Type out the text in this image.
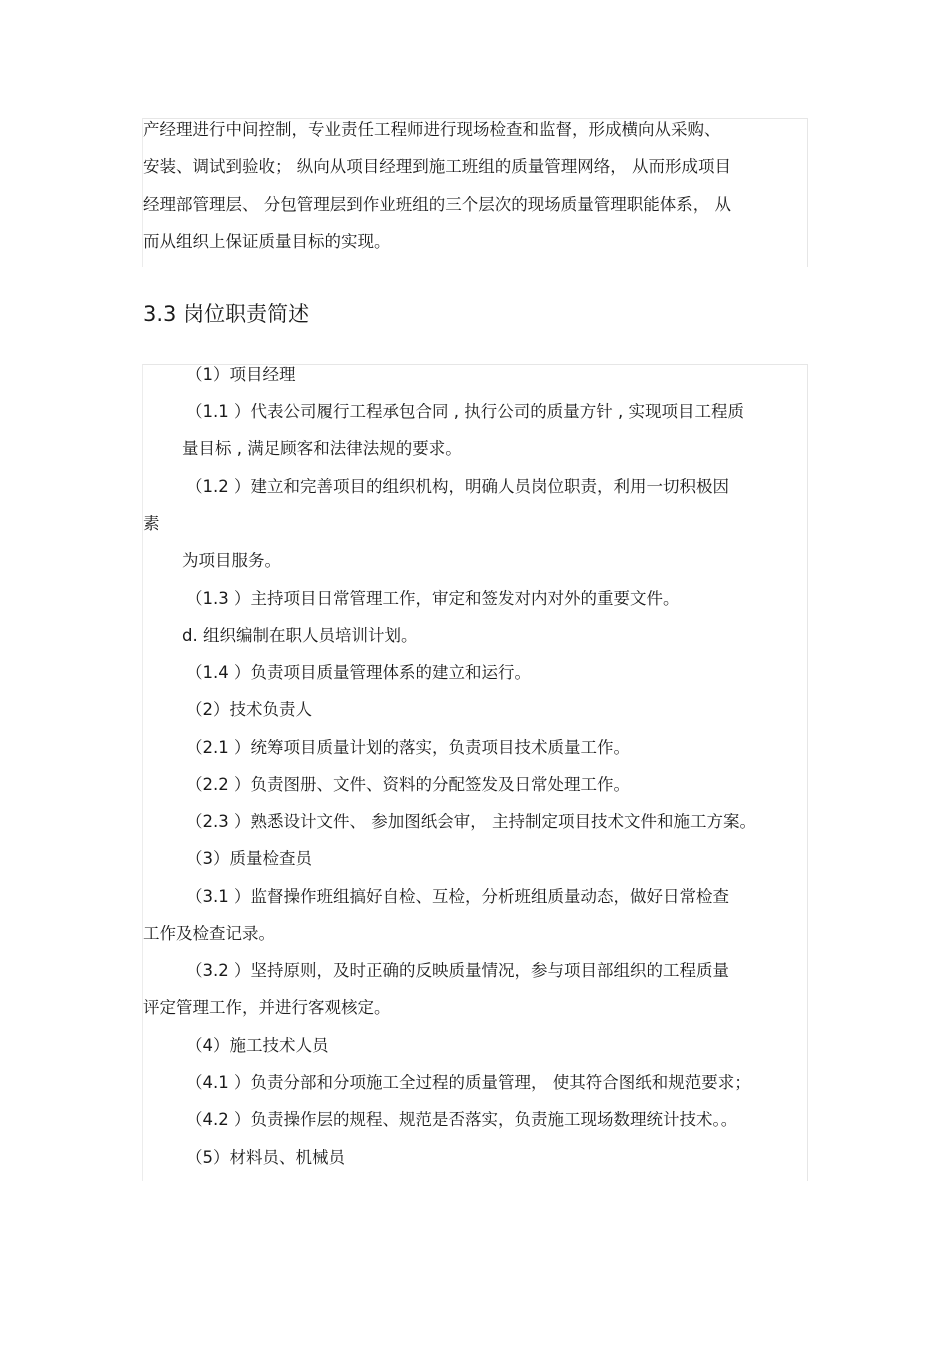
产经理进行中间控制，专业责任工程师进行现场检查和监督，形成横向从采购、
安装、调试到验收； 纵向从项目经理到施工班组的质量管理网络， 从而形成项目
经理部管理层、 分包管理层到作业班组的三个层次的现场质量管理职能体系， 从
而从组织上保证质量目标的实现。
3.3 岗位职责简述
（1）项目经理
（1.1 ）代表公司履行工程承包合同 , 执行公司的质量方针 , 实现项目工程质
量目标 , 满足顾客和法律法规的要求。
（1.2 ）建立和完善项目的组织机构，明确人员岗位职责，利用一切积极因
素
为项目服务。
（1.3 ）主持项目日常管理工作，审定和签发对内对外的重要文件。
d. 组织编制在职人员培训计划。
（1.4 ）负责项目质量管理体系的建立和运行。
（2）技术负责人
（2.1 ）统筹项目质量计划的落实，负责项目技术质量工作。
（2.2 ）负责图册、文件、资料的分配签发及日常处理工作。
（2.3 ）熟悉设计文件、 参加图纸会审， 主持制定项目技术文件和施工方案。
（3）质量检查员
（3.1 ）监督操作班组搞好自检、互检，分析班组质量动态，做好日常检查
工作及检查记录。
（3.2 ）坚持原则，及时正确的反映质量情况，参与项目部组织的工程质量
评定管理工作，并进行客观核定。
（4）施工技术人员
（4.1 ）负责分部和分项施工全过程的质量管理， 使其符合图纸和规范要求；
（4.2 ）负责操作层的规程、规范是否落实，负责施工现场数理统计技术。。
（5）材料员、机械员
